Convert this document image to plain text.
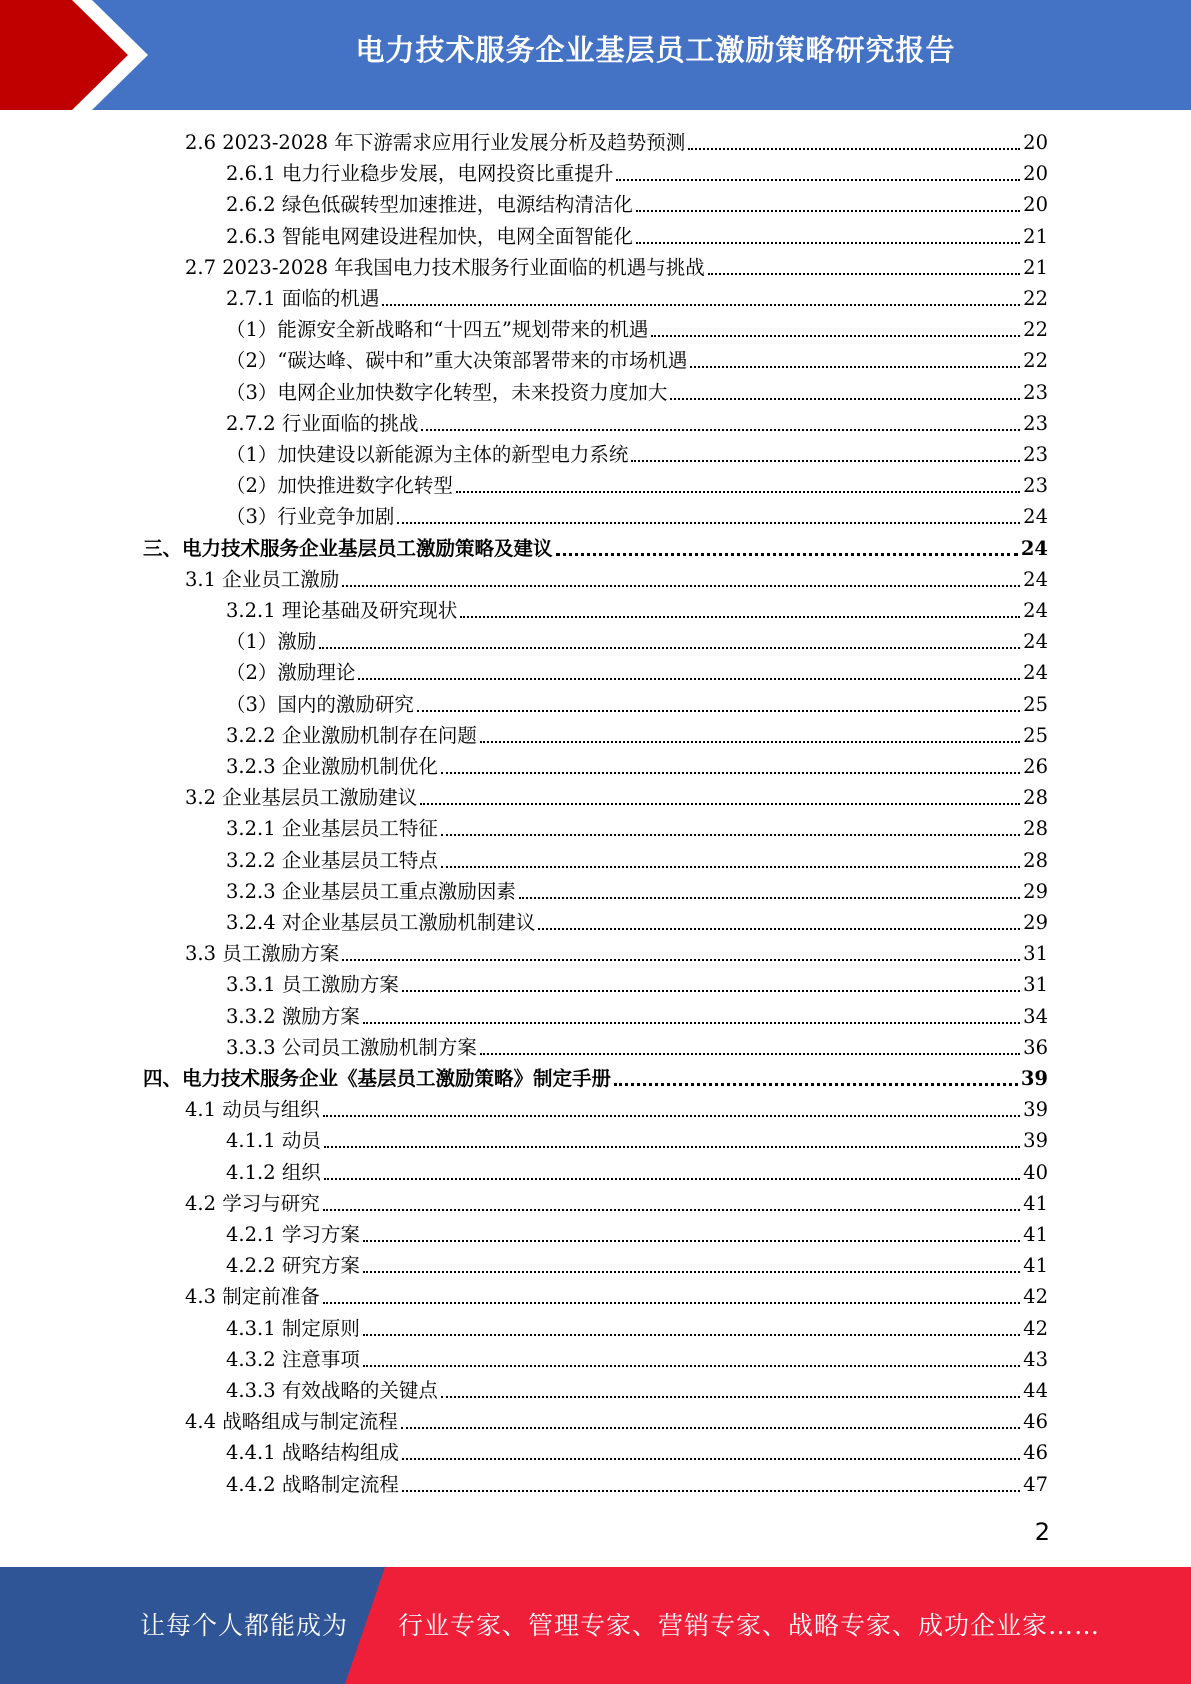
电力技术服务企业基层员工激励策略研究报告
2.6 2023-2028 年下游需求应用行业发展分析及趋势预测	20
2.6.1 电力行业稳步发展，电网投资比重提升	20
2.6.2 绿色低碳转型加速推进，电源结构清洁化	20
2.6.3 智能电网建设进程加快，电网全面智能化	21
2.7 2023-2028 年我国电力技术服务行业面临的机遇与挑战	21
2.7.1 面临的机遇	22
（1）能源安全新战略和“十四五”规划带来的机遇	22
（2）“碳达峰、碳中和”重大决策部署带来的市场机遇	22
（3）电网企业加快数字化转型，未来投资力度加大	23
2.7.2 行业面临的挑战	23
（1）加快建设以新能源为主体的新型电力系统	23
（2）加快推进数字化转型	23
（3）行业竞争加剧	24
三、电力技术服务企业基层员工激励策略及建议	24
3.1 企业员工激励	24
3.2.1 理论基础及研究现状	24
（1）激励	24
（2）激励理论	24
（3）国内的激励研究	25
3.2.2 企业激励机制存在问题	25
3.2.3 企业激励机制优化	26
3.2 企业基层员工激励建议	28
3.2.1 企业基层员工特征	28
3.2.2 企业基层员工特点	28
3.2.3 企业基层员工重点激励因素	29
3.2.4 对企业基层员工激励机制建议	29
3.3 员工激励方案	31
3.3.1 员工激励方案	31
3.3.2 激励方案	34
3.3.3 公司员工激励机制方案	36
四、电力技术服务企业《基层员工激励策略》制定手册	39
4.1 动员与组织	39
4.1.1 动员	39
4.1.2 组织	40
4.2 学习与研究	41
4.2.1 学习方案	41
4.2.2 研究方案	41
4.3 制定前准备	42
4.3.1 制定原则	42
4.3.2 注意事项	43
4.3.3 有效战略的关键点	44
4.4 战略组成与制定流程	46
4.4.1 战略结构组成	46
4.4.2 战略制定流程	47
2
让每个人都能成为 行业专家、管理专家、营销专家、战略专家、成功企业家……
